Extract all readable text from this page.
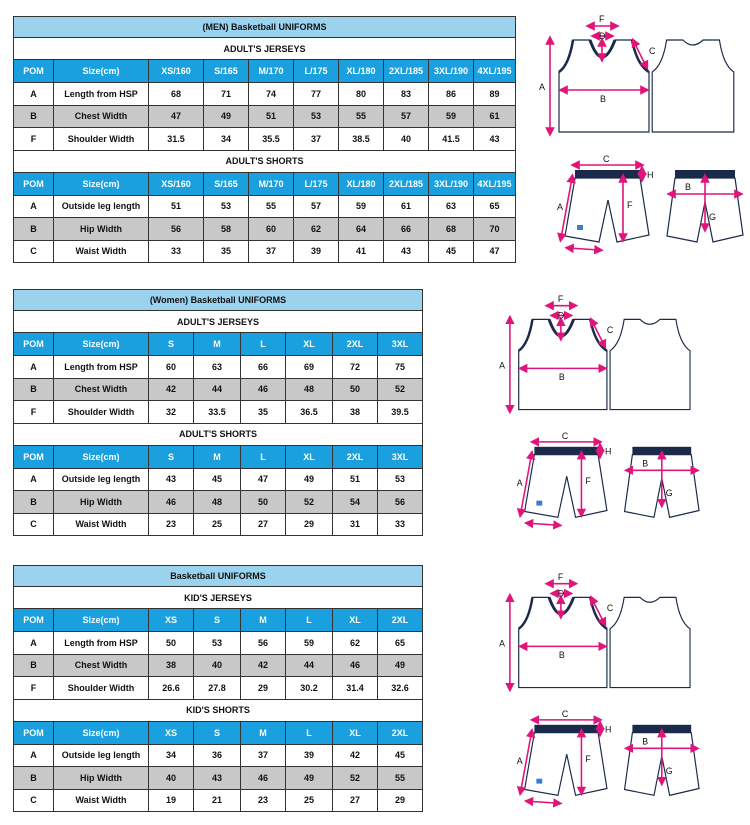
(MEN) Basketball UNIFORMS									
ADULT'S JERSEYS									
POM	Size(cm)	XS/160	S/165	M/170	L/175	XL/180	2XL/185	3XL/190	4XL/195
A	Length from HSP	68	71	74	77	80	83	86	89
B	Chest Width	47	49	51	53	55	57	59	61
F	Shoulder Width	31.5	34	35.5	37	38.5	40	41.5	43
ADULT'S SHORTS									
POM	Size(cm)	XS/160	S/165	M/170	L/175	XL/180	2XL/185	3XL/190	4XL/195
A	Outside leg length	51	53	55	57	59	61	63	65
B	Hip Width	56	58	60	62	64	66	68	70
C	Waist Width	33	35	37	39	41	43	45	47
(Women) Basketball UNIFORMS							
ADULT'S JERSEYS							
POM	Size(cm)	S	M	L	XL	2XL	3XL
A	Length from HSP	60	63	66	69	72	75
B	Chest Width	42	44	46	48	50	52
F	Shoulder Width	32	33.5	35	36.5	38	39.5
ADULT'S SHORTS							
POM	Size(cm)	S	M	L	XL	2XL	3XL
A	Outside leg length	43	45	47	49	51	53
B	Hip Width	46	48	50	52	54	56
C	Waist Width	23	25	27	29	31	33
Basketball UNIFORMS							
KID'S JERSEYS							
POM	Size(cm)	XS	S	M	L	XL	2XL
A	Length from HSP	50	53	56	59	62	65
B	Chest Width	38	40	42	44	46	49
F	Shoulder Width	26.6	27.8	29	30.2	31.4	32.6
KID'S SHORTS							
POM	Size(cm)	XS	S	M	L	XL	2XL
A	Outside leg length	34	36	37	39	42	45
B	Hip Width	40	43	46	49	52	55
C	Waist Width	19	21	23	25	27	29
F
D
C
A
B
C
H
A	F
B
G
F
D
C
A
B
C
H
A	F
B
G
F
D
C
A
B
C
H
A	F
B
G
